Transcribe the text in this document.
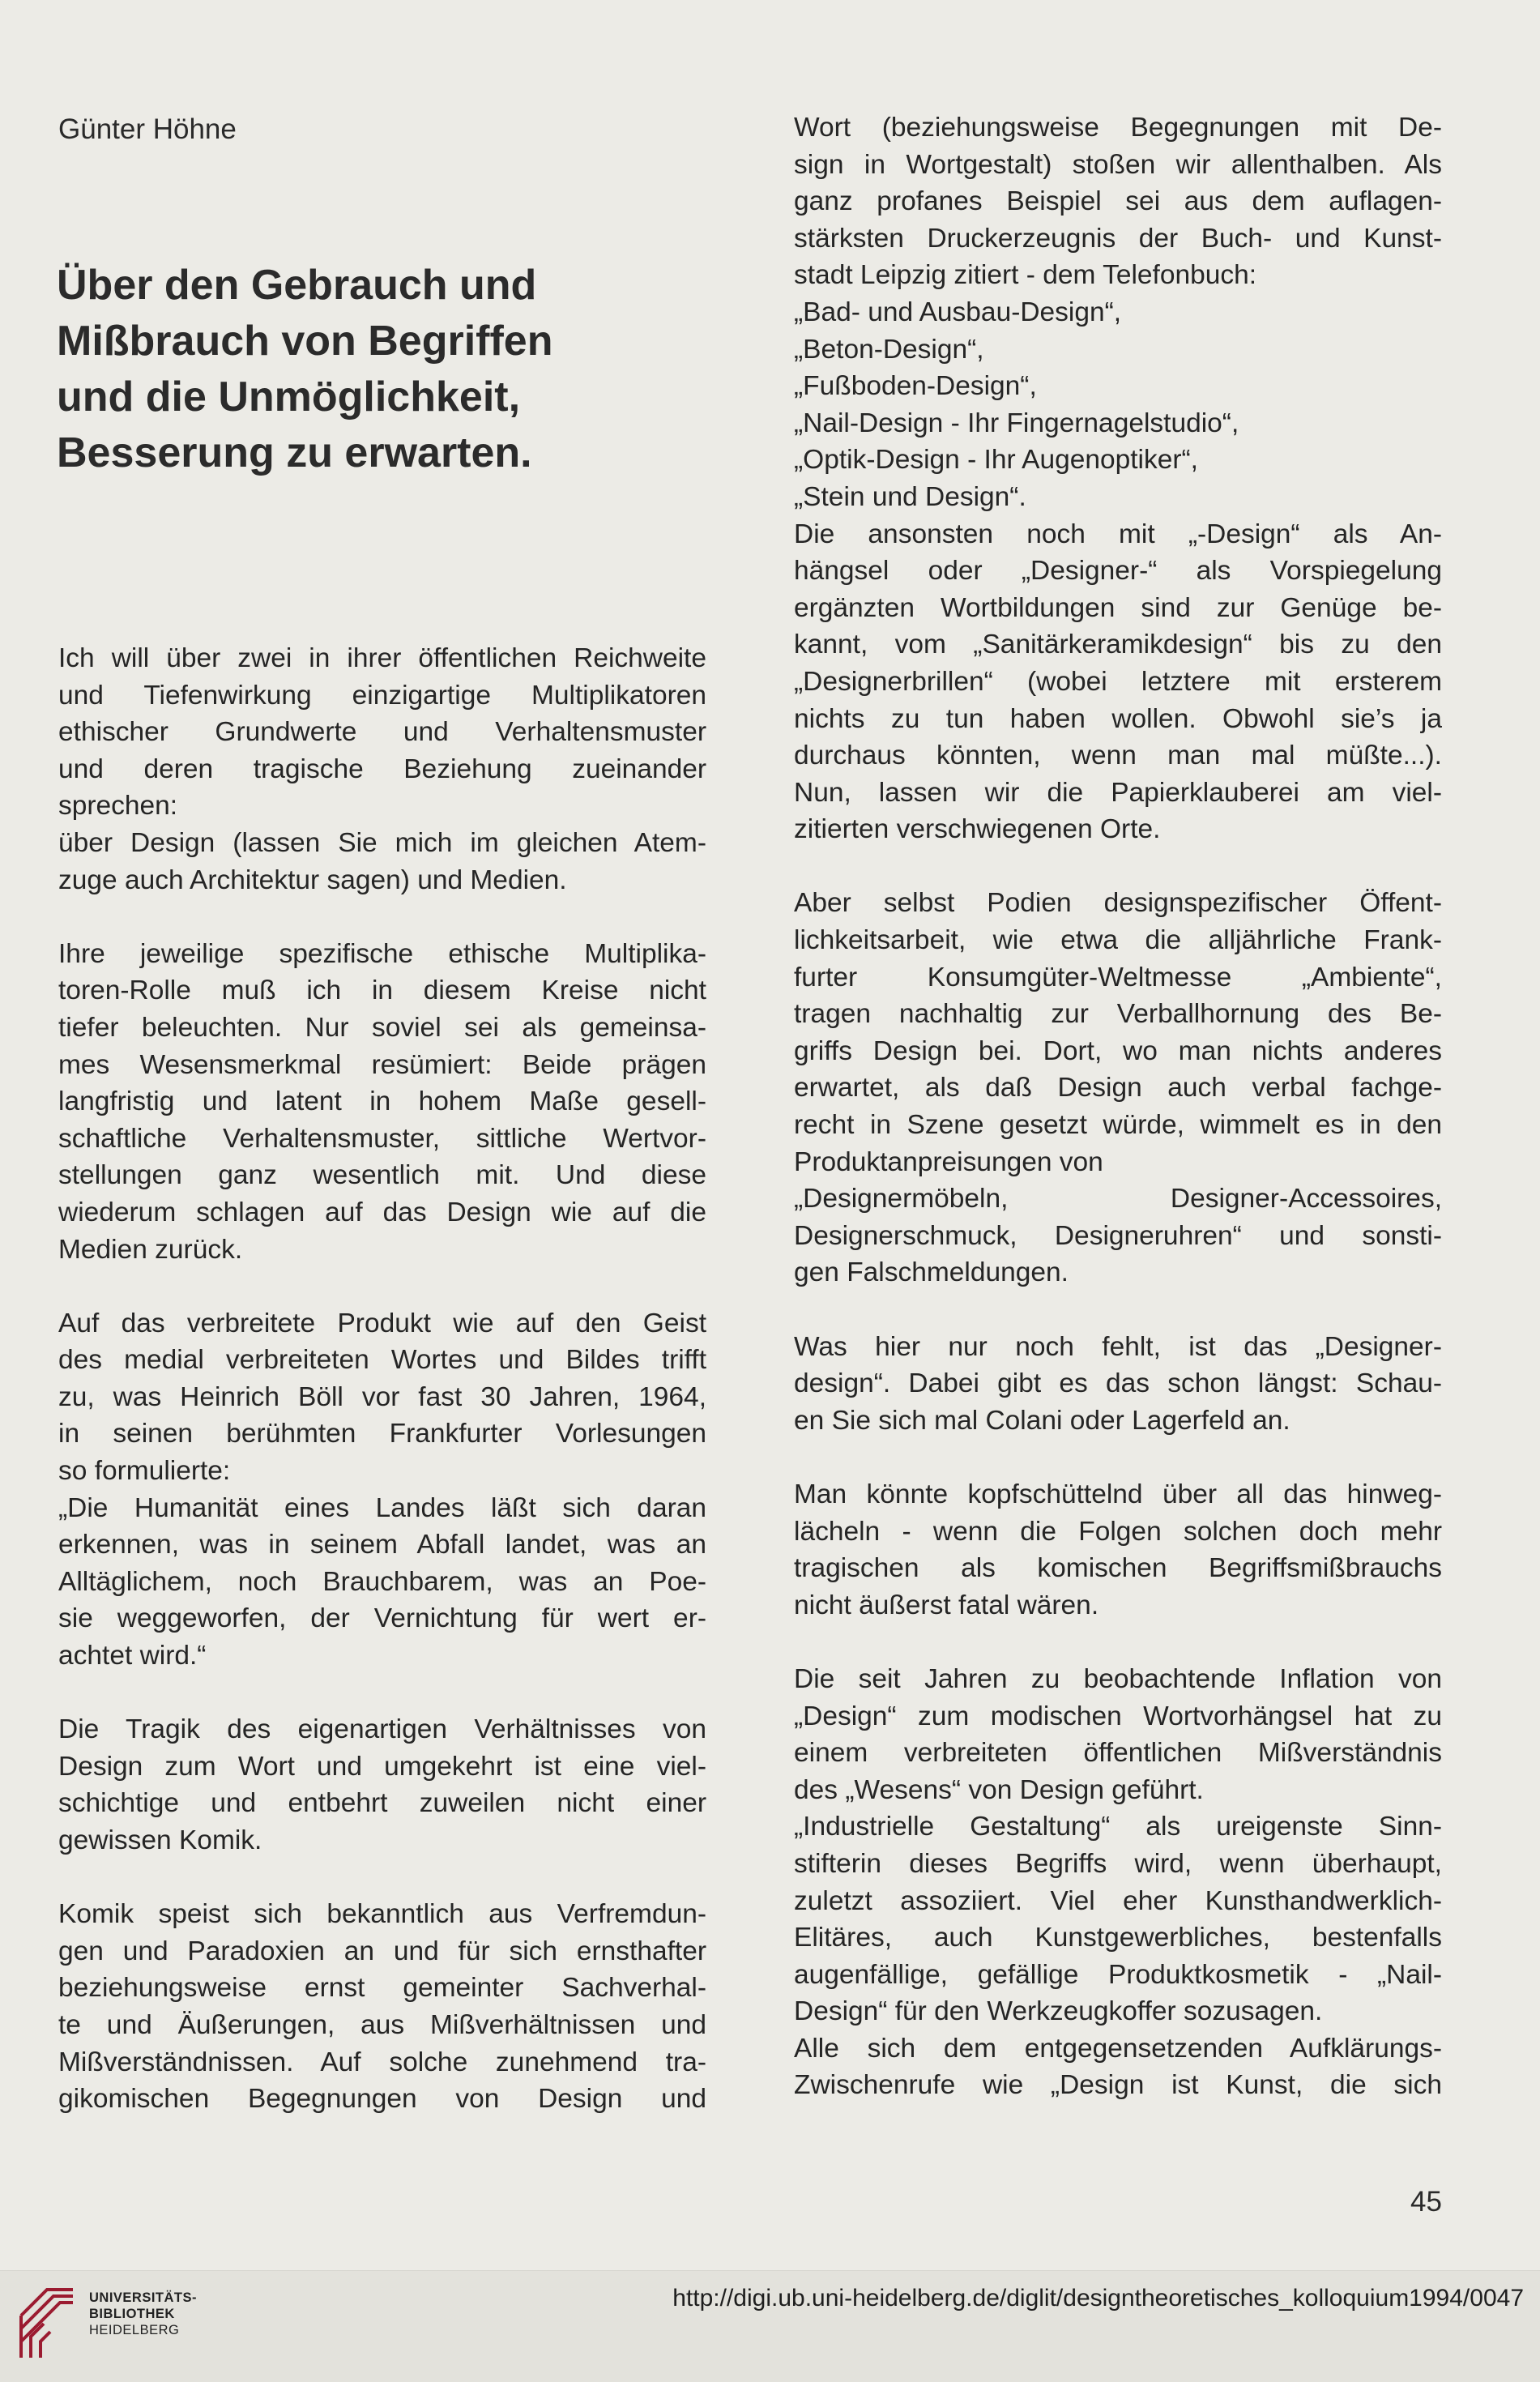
Günter Höhne
Über den Gebrauch und
Mißbrauch von Begriffen
und die Unmöglichkeit,
Besserung zu erwarten.

Ich will über zwei in ihrer öffentlichen Reichweite
und Tiefenwirkung einzigartige Multiplikatoren
ethischer Grundwerte und Verhaltensmuster
und deren tragische Beziehung zueinander
sprechen:
über Design (lassen Sie mich im gleichen Atem-
zuge auch Architektur sagen) und Medien.

Ihre jeweilige spezifische ethische Multiplika-
toren-Rolle muß ich in diesem Kreise nicht
tiefer beleuchten. Nur soviel sei als gemeinsa-
mes Wesensmerkmal resümiert: Beide prägen
langfristig und latent in hohem Maße gesell-
schaftliche Verhaltensmuster, sittliche Wertvor-
stellungen ganz wesentlich mit. Und diese
wiederum schlagen auf das Design wie auf die
Medien zurück.

Auf das verbreitete Produkt wie auf den Geist
des medial verbreiteten Wortes und Bildes trifft
zu, was Heinrich Böll vor fast 30 Jahren, 1964,
in seinen berühmten Frankfurter Vorlesungen
so formulierte:
„Die Humanität eines Landes läßt sich daran
erkennen, was in seinem Abfall landet, was an
Alltäglichem, noch Brauchbarem, was an Poe-
sie weggeworfen, der Vernichtung für wert er-
achtet wird.“

Die Tragik des eigenartigen Verhältnisses von
Design zum Wort und umgekehrt ist eine viel-
schichtige und entbehrt zuweilen nicht einer
gewissen Komik.

Komik speist sich bekanntlich aus Verfremdun-
gen und Paradoxien an und für sich ernsthafter
beziehungsweise ernst gemeinter Sachverhal-
te und Äußerungen, aus Mißverhältnissen und
Mißverständnissen. Auf solche zunehmend tra-
gikomischen Begegnungen von Design und

Wort (beziehungsweise Begegnungen mit De-
sign in Wortgestalt) stoßen wir allenthalben. Als
ganz profanes Beispiel sei aus dem auflagen-
stärksten Druckerzeugnis der Buch- und Kunst-
stadt Leipzig zitiert - dem Telefonbuch:
„Bad- und Ausbau-Design“,
„Beton-Design“,
„Fußboden-Design“,
„Nail-Design - Ihr Fingernagelstudio“,
„Optik-Design - Ihr Augenoptiker“,
„Stein und Design“.
Die ansonsten noch mit „-Design“ als An-
hängsel oder „Designer-“ als Vorspiegelung
ergänzten Wortbildungen sind zur Genüge be-
kannt, vom „Sanitärkeramikdesign“ bis zu den
„Designerbrillen“ (wobei letztere mit ersterem
nichts zu tun haben wollen. Obwohl sie’s ja
durchaus könnten, wenn man mal müßte...).
Nun, lassen wir die Papierklauberei am viel-
zitierten verschwiegenen Orte.

Aber selbst Podien designspezifischer Öffent-
lichkeitsarbeit, wie etwa die alljährliche Frank-
furter Konsumgüter-Weltmesse „Ambiente“,
tragen nachhaltig zur Verballhornung des Be-
griffs Design bei. Dort, wo man nichts anderes
erwartet, als daß Design auch verbal fachge-
recht in Szene gesetzt würde, wimmelt es in den
Produktanpreisungen von
„Designermöbeln, Designer-Accessoires,
Designerschmuck, Designeruhren“ und sonsti-
gen Falschmeldungen.

Was hier nur noch fehlt, ist das „Designer-
design“. Dabei gibt es das schon längst: Schau-
en Sie sich mal Colani oder Lagerfeld an.

Man könnte kopfschüttelnd über all das hinweg-
lächeln - wenn die Folgen solchen doch mehr
tragischen als komischen Begriffsmißbrauchs
nicht äußerst fatal wären.

Die seit Jahren zu beobachtende Inflation von
„Design“ zum modischen Wortvorhängsel hat zu
einem verbreiteten öffentlichen Mißverständnis
des „Wesens“ von Design geführt.
„Industrielle Gestaltung“ als ureigenste Sinn-
stifterin dieses Begriffs wird, wenn überhaupt,
zuletzt assoziiert. Viel eher Kunsthandwerklich-
Elitäres, auch Kunstgewerbliches, bestenfalls
augenfällige, gefällige Produktkosmetik - „Nail-
Design“ für den Werkzeugkoffer sozusagen.
Alle sich dem entgegensetzenden Aufklärungs-
Zwischenrufe wie „Design ist Kunst, die sich

45
UNIVERSITÄTS-
BIBLIOTHEK
HEIDELBERG
http://digi.ub.uni-heidelberg.de/diglit/designtheoretisches_kolloquium1994/0047
